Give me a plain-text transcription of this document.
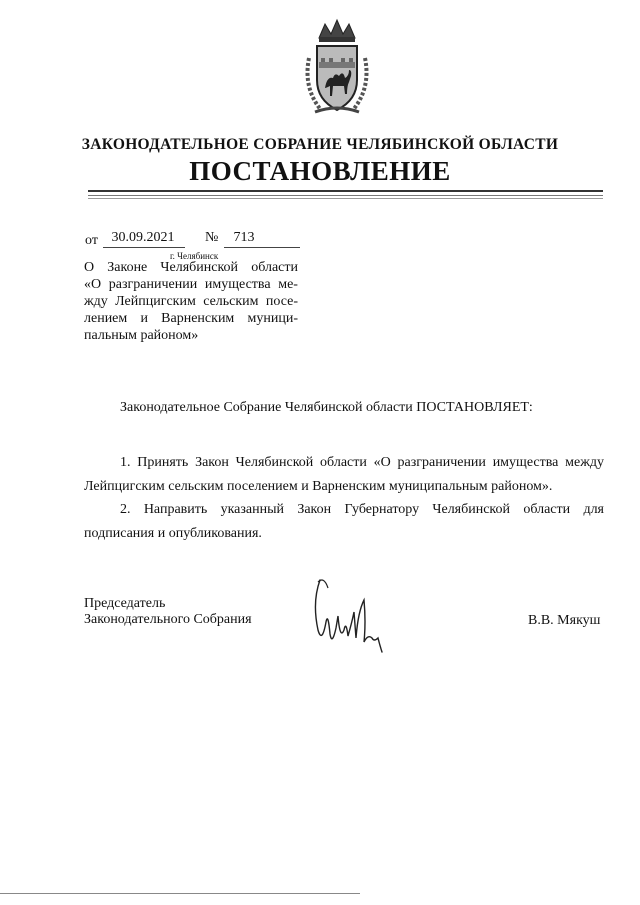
ЗАКОНОДАТЕЛЬНОЕ СОБРАНИЕ ЧЕЛЯБИНСКОЙ ОБЛАСТИ
ПОСТАНОВЛЕНИЕ
от 30.09.2021	№	713
г. Челябинск
О Законе Челябинской области
«О разграничении имущества ме-
жду Лейпцигским сельским посе-
лением и Варненским муници-
пальным районом»
Законодательное Собрание Челябинской области ПОСТАНОВЛЯЕТ:
1. Принять Закон Челябинской области «О разграничении имущества между Лейпцигским сельским поселением и Варненским муниципальным районом».
2. Направить указанный Закон Губернатору Челябинской области для подписания и опубликования.
Председатель
Законодательного Собрания	В.В. Мякуш
